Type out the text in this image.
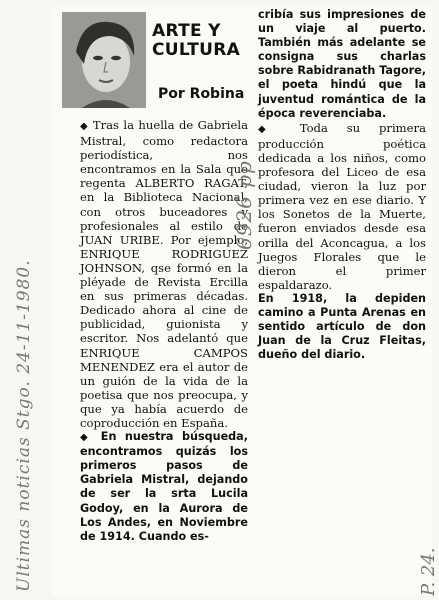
ARTE Y
CULTURA
Por Robina

◆ Tras la huella de Gabriela Mistral, como redactora periodística, nos encontramos en la Sala que regenta ALBERTO RAGAT, en la Biblioteca Nacional, con otros buceadores y profesionales al estilo de JUAN URIBE. Por ejemplo, ENRIQUE RODRIGUEZ JOHNSON, qse formó en la pléyade de Revista Ercilla en sus primeras décadas. Dedicado ahora al cine de publicidad, guionista y escritor. Nos adelantó que ENRIQUE CAMPOS MENENDEZ era el autor de un guión de la vida de la poetisa que nos preocupa, y que ya había acuerdo de coproducción en España.

◆ En nuestra búsqueda, encontramos quizás los primeros pasos de Gabriela Mistral, dejando de ser la srta Lucila Godoy, en la Aurora de Los Andes, en Noviembre de 1914. Cuando es-

cribía sus impresiones de un viaje al puerto. También más adelante se consigna sus charlas sobre Rabidranath Tagore, el poeta hindú que la juventud romántica de la época reverenciaba.

◆ Toda su primera producción poética dedicada a los niños, como profesora del Liceo de esa ciudad, vieron la luz por primera vez en ese diario. Y los Sonetos de la Muerte, fueron enviados desde esa orilla del Aconcagua, a los Juegos Florales que le dieron el primer espaldarazo.

En 1918, la depiden camino a Punta Arenas en sentido artículo de don Juan de la Cruz Fleitas, dueño del diario.

Ultimas noticias Stgo. 24-11-1980.
6926 pp
P. 24.
